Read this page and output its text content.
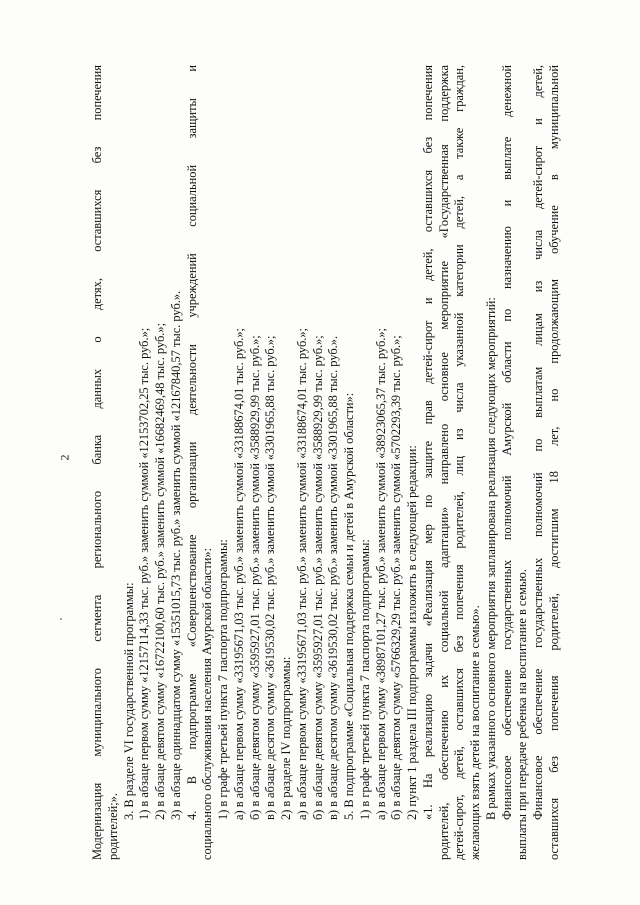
Модернизация муниципального сегмента регионального банка данных о детях, оставшихся без попечения родителей;».
3. В разделе VI государственной программы: 1) в абзаце первом сумму «12157114,33 тыс. руб.» заменить суммой «12153702,25 тыс. руб.»; 2) в абзаце девятом сумму «16722100,60 тыс. руб.» заменить суммой «16682469,48 тыс. руб.»; 3) в абзаце одиннадцатом сумму «15351015,73 тыс. руб.» заменить суммой «12167840,57 тыс. руб.». 4. В подпрограмме «Совершенствование организации деятельности учреждений социальной защиты и социального обслуживания населения Амурской области»: 1) в графе третьей пункта 7 паспорта подпрограммы: а) в абзаце первом сумму «33195671,03 тыс. руб.» заменить суммой «33188674,01 тыс. руб.»; б) в абзаце девятом сумму «3595927,01 тыс. руб.» заменить суммой «3588929,99 тыс. руб.»; в) в абзаце десятом сумму «3619530,02 тыс. руб.» заменить суммой «3301965,88 тыс. руб.»; 2) в разделе IV подпрограммы: а) в абзаце первом сумму «33195671,03 тыс. руб.» заменить суммой «33188674,01 тыс. руб.»; б) в абзаце девятом сумму «3595927,01 тыс. руб.» заменить суммой «3588929,99 тыс. руб.»; в) в абзаце десятом сумму «3619530,02 тыс. руб.» заменить суммой «3301965,88 тыс. руб.». 5. В подпрограмме «Социальная поддержка семьи и детей в Амурской области»: 1) в графе третьей пункта 7 паспорта подпрограммы: а) в абзаце первом сумму «38987101,27 тыс. руб.» заменить суммой «38923065,37 тыс. руб.»; б) в абзаце девятом сумму «5766329,29 тыс. руб.» заменить суммой «5702293,39 тыс. руб.»; 2) пункт 1 раздела III подпрограммы изложить в следующей редакции: «1. На реализацию задачи «Реализация мер по защите прав детей-сирот и детей, оставшихся без попечения родителей, обеспечению их социальной адаптации» направлено основное мероприятие «Государственная поддержка детей-сирот, детей, оставшихся без попечения родителей, лиц из числа указанной категории детей, а также граждан, желающих взять детей на воспитание в семью». В рамках указанного основного мероприятия запланирована реализация следующих мероприятий: Финансовое обеспечение государственных полномочий Амурской области по назначению и выплате денежной выплаты при передаче ребенка на воспитание в семью. Финансовое обеспечение государственных полномочий по выплатам лицам из числа детей-сирот и детей, оставшихся без попечения родителей, достигшим 18 лет, но продолжающим обучение в муниципальной
2
